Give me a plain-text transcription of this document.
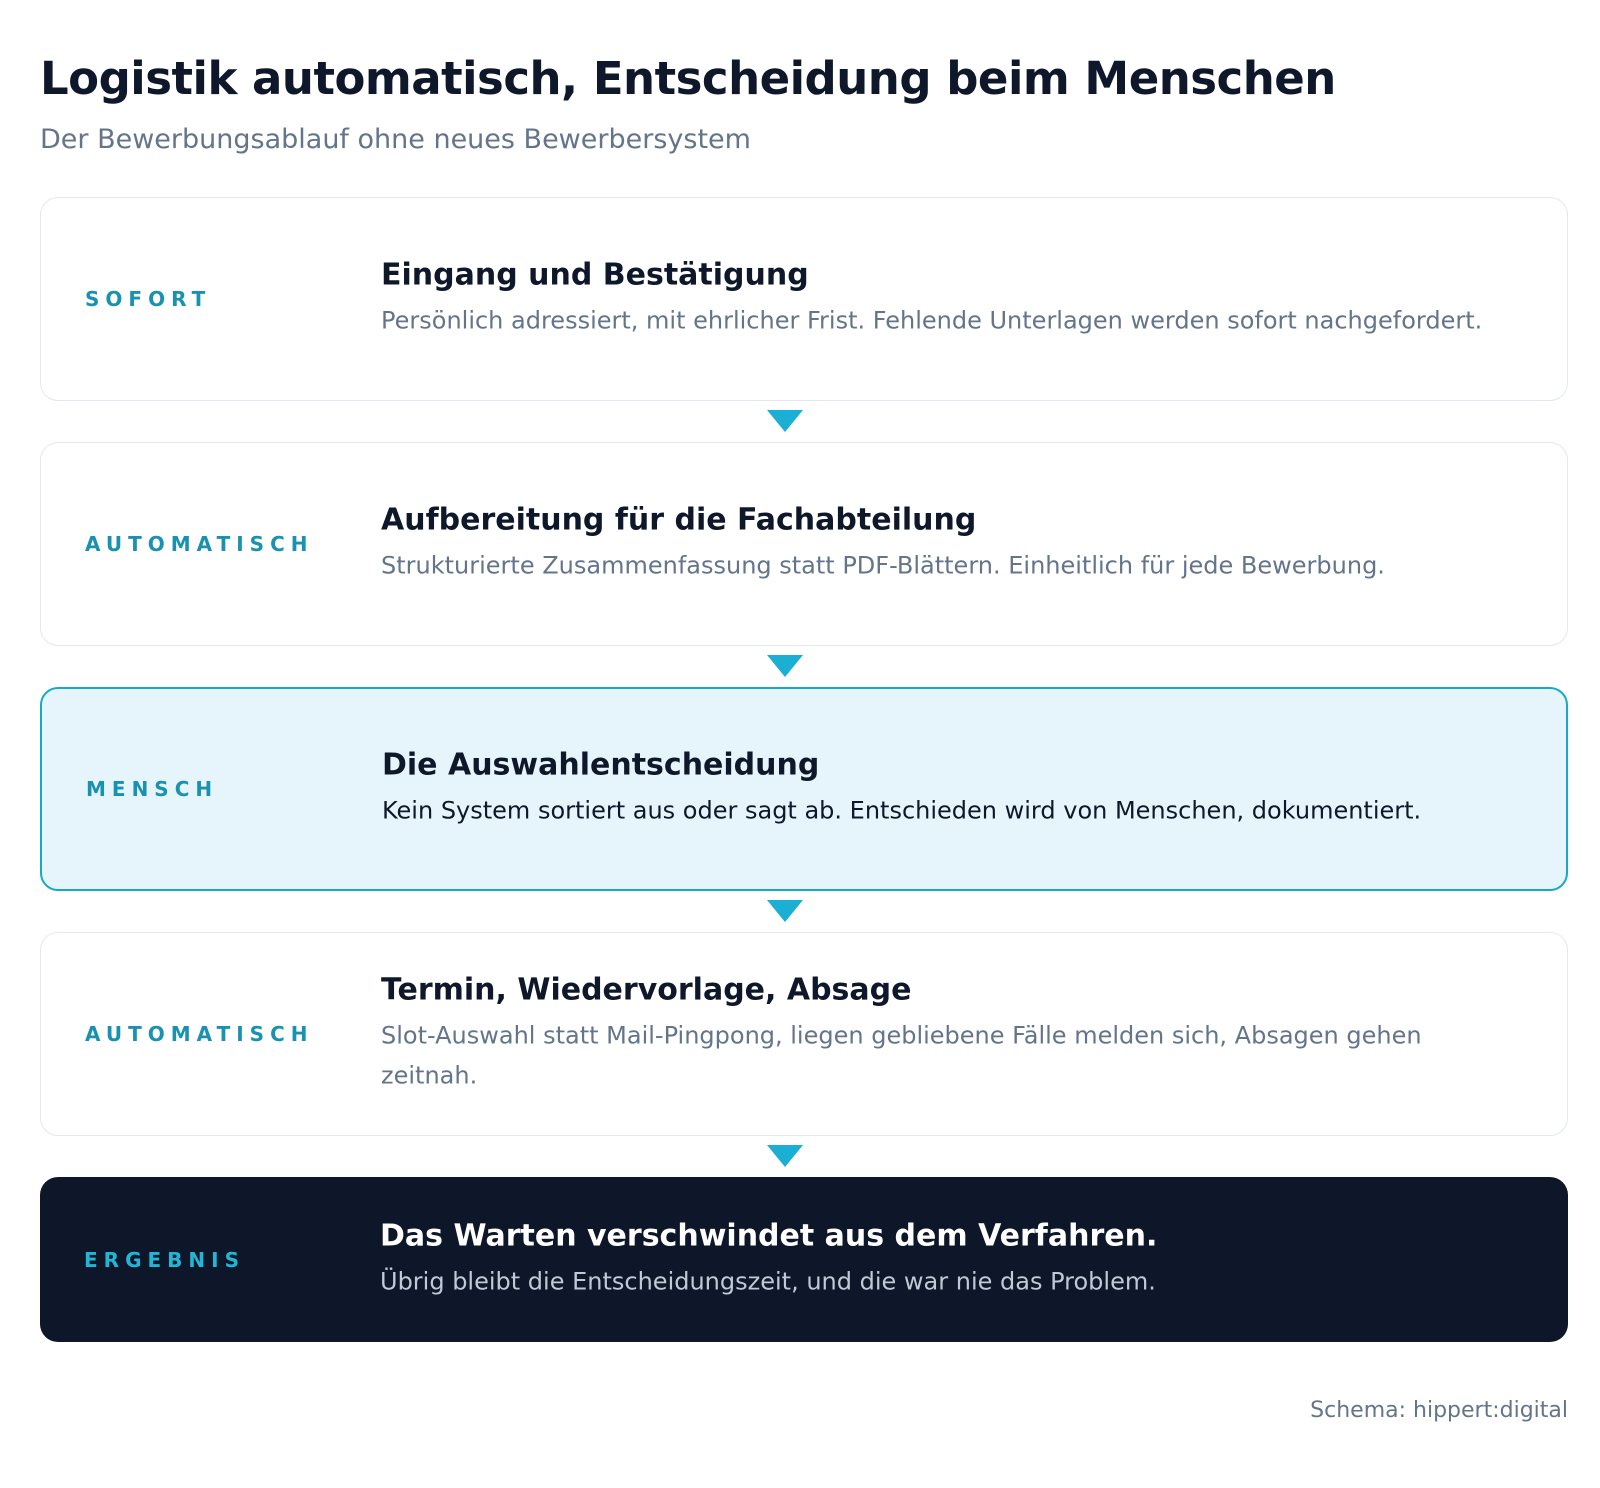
Logistik automatisch, Entscheidung beim Menschen

Der Bewerbungsablauf ohne neues Bewerbersystem

SOFORT
Eingang und Bestätigung

Persönlich adressiert, mit ehrlicher Frist. Fehlende Unterlagen werden sofort nachgefordert.

AUTOMATISCH
Aufbereitung für die Fachabteilung

Strukturierte Zusammenfassung statt PDF-Blättern. Einheitlich für jede Bewerbung.

MENSCH
Die Auswahlentscheidung

Kein System sortiert aus oder sagt ab. Entschieden wird von Menschen, dokumentiert.

AUTOMATISCH
Termin, Wiedervorlage, Absage

Slot-Auswahl statt Mail-Pingpong, liegen gebliebene Fälle melden sich, Absagen gehen zeitnah.

ERGEBNIS
Das Warten verschwindet aus dem Verfahren.

Übrig bleibt die Entscheidungszeit, und die war nie das Problem.

Schema: hippert:digital
